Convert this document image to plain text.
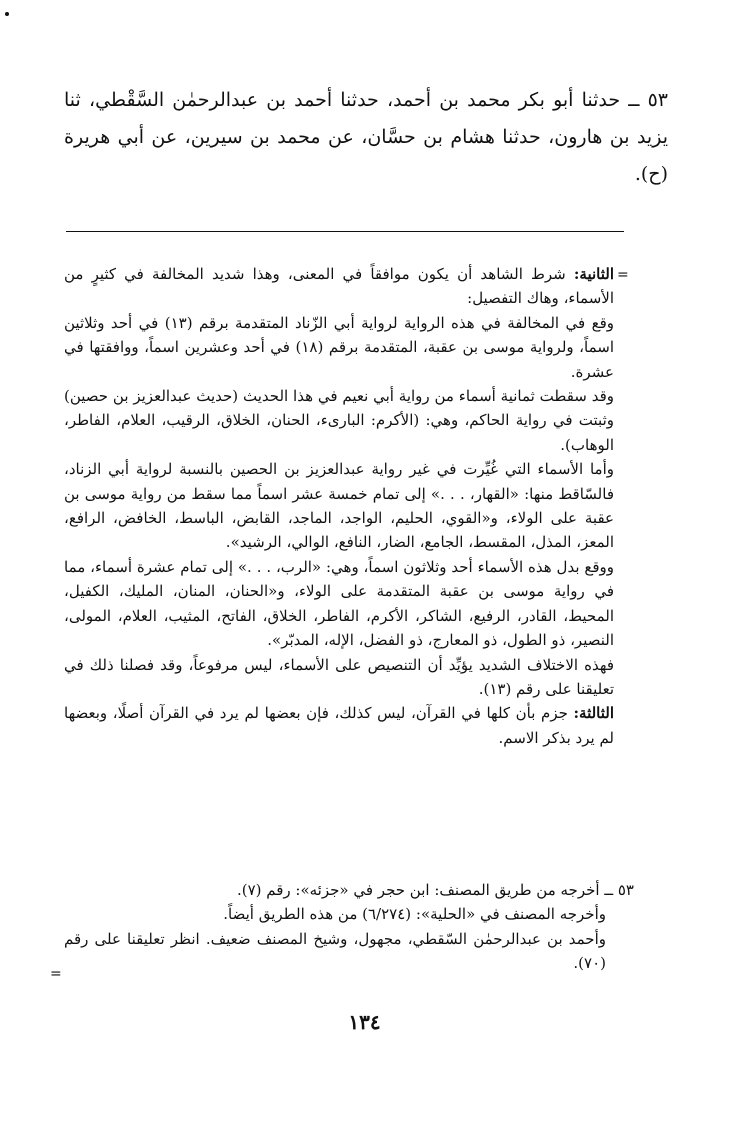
٥٣ ــ حدثنا أبو بكر محمد بن أحمد، حدثنا أحمد بن عبدالرحمٰن السَّقْطي، ثنا يزيد بن هارون، حدثنا هشام بن حسَّان، عن محمد بن سيرين، عن أبي هريرة (ح).

=

الثانية: شرط الشاهد أن يكون موافقاً في المعنى، وهذا شديد المخالفة في كثيرٍ من الأسماء، وهاك التفصيل:

وقع في المخالفة في هذه الرواية لرواية أبي الزّناد المتقدمة برقم (١٣) في أحد وثلاثين اسماً، ولرواية موسى بن عقبة، المتقدمة برقم (١٨) في أحد وعشرين اسماً، ووافقتها في عشرة.

وقد سقطت ثمانية أسماء من رواية أبي نعيم في هذا الحديث (حديث عبدالعزيز بن حصين) وثبتت في رواية الحاكم، وهي: (الأكرم: البارىء، الحنان، الخلاق، الرقيب، العلام، الفاطر، الوهاب).

وأما الأسماء التي غُيِّرت في غير رواية عبدالعزيز بن الحصين بالنسبة لرواية أبي الزناد، فالسّاقط منها: «القهار، . . .» إلى تمام خمسة عشر اسماً مما سقط من رواية موسى بن عقبة على الولاء، و«القوي، الحليم، الواجد، الماجد، القابض، الباسط، الخافض، الرافع، المعز، المذل، المقسط، الجامع، الضار، النافع، الوالي، الرشيد».

ووقع بدل هذه الأسماء أحد وثلاثون اسماً، وهي: «الرب، . . .» إلى تمام عشرة أسماء، مما في رواية موسى بن عقبة المتقدمة على الولاء، و«الحنان، المنان، المليك، الكفيل، المحيط، القادر، الرفيع، الشاكر، الأكرم، الفاطر، الخلاق، الفاتح، المثيب، العلام، المولى، النصير، ذو الطول، ذو المعارج، ذو الفضل، الإله، المدبّر».

فهذه الاختلاف الشديد يؤيِّد أن التنصيص على الأسماء، ليس مرفوعاً، وقد فصلنا ذلك في تعليقنا على رقم (١٣).

الثالثة: جزم بأن كلها في القرآن، ليس كذلك، فإن بعضها لم يرد في القرآن أصلًا، وبعضها لم يرد بذكر الاسم.

٥٣ ــ أخرجه من طريق المصنف: ابن حجر في «جزئه»: رقم (٧).

وأخرجه المصنف في «الحلية»: (٦/٢٧٤) من هذه الطريق أيضاً.

وأحمد بن عبدالرحمٰن السّقطي، مجهول، وشيخ المصنف ضعيف. انظر تعليقنا على رقم (٧٠).

=
١٣٤
